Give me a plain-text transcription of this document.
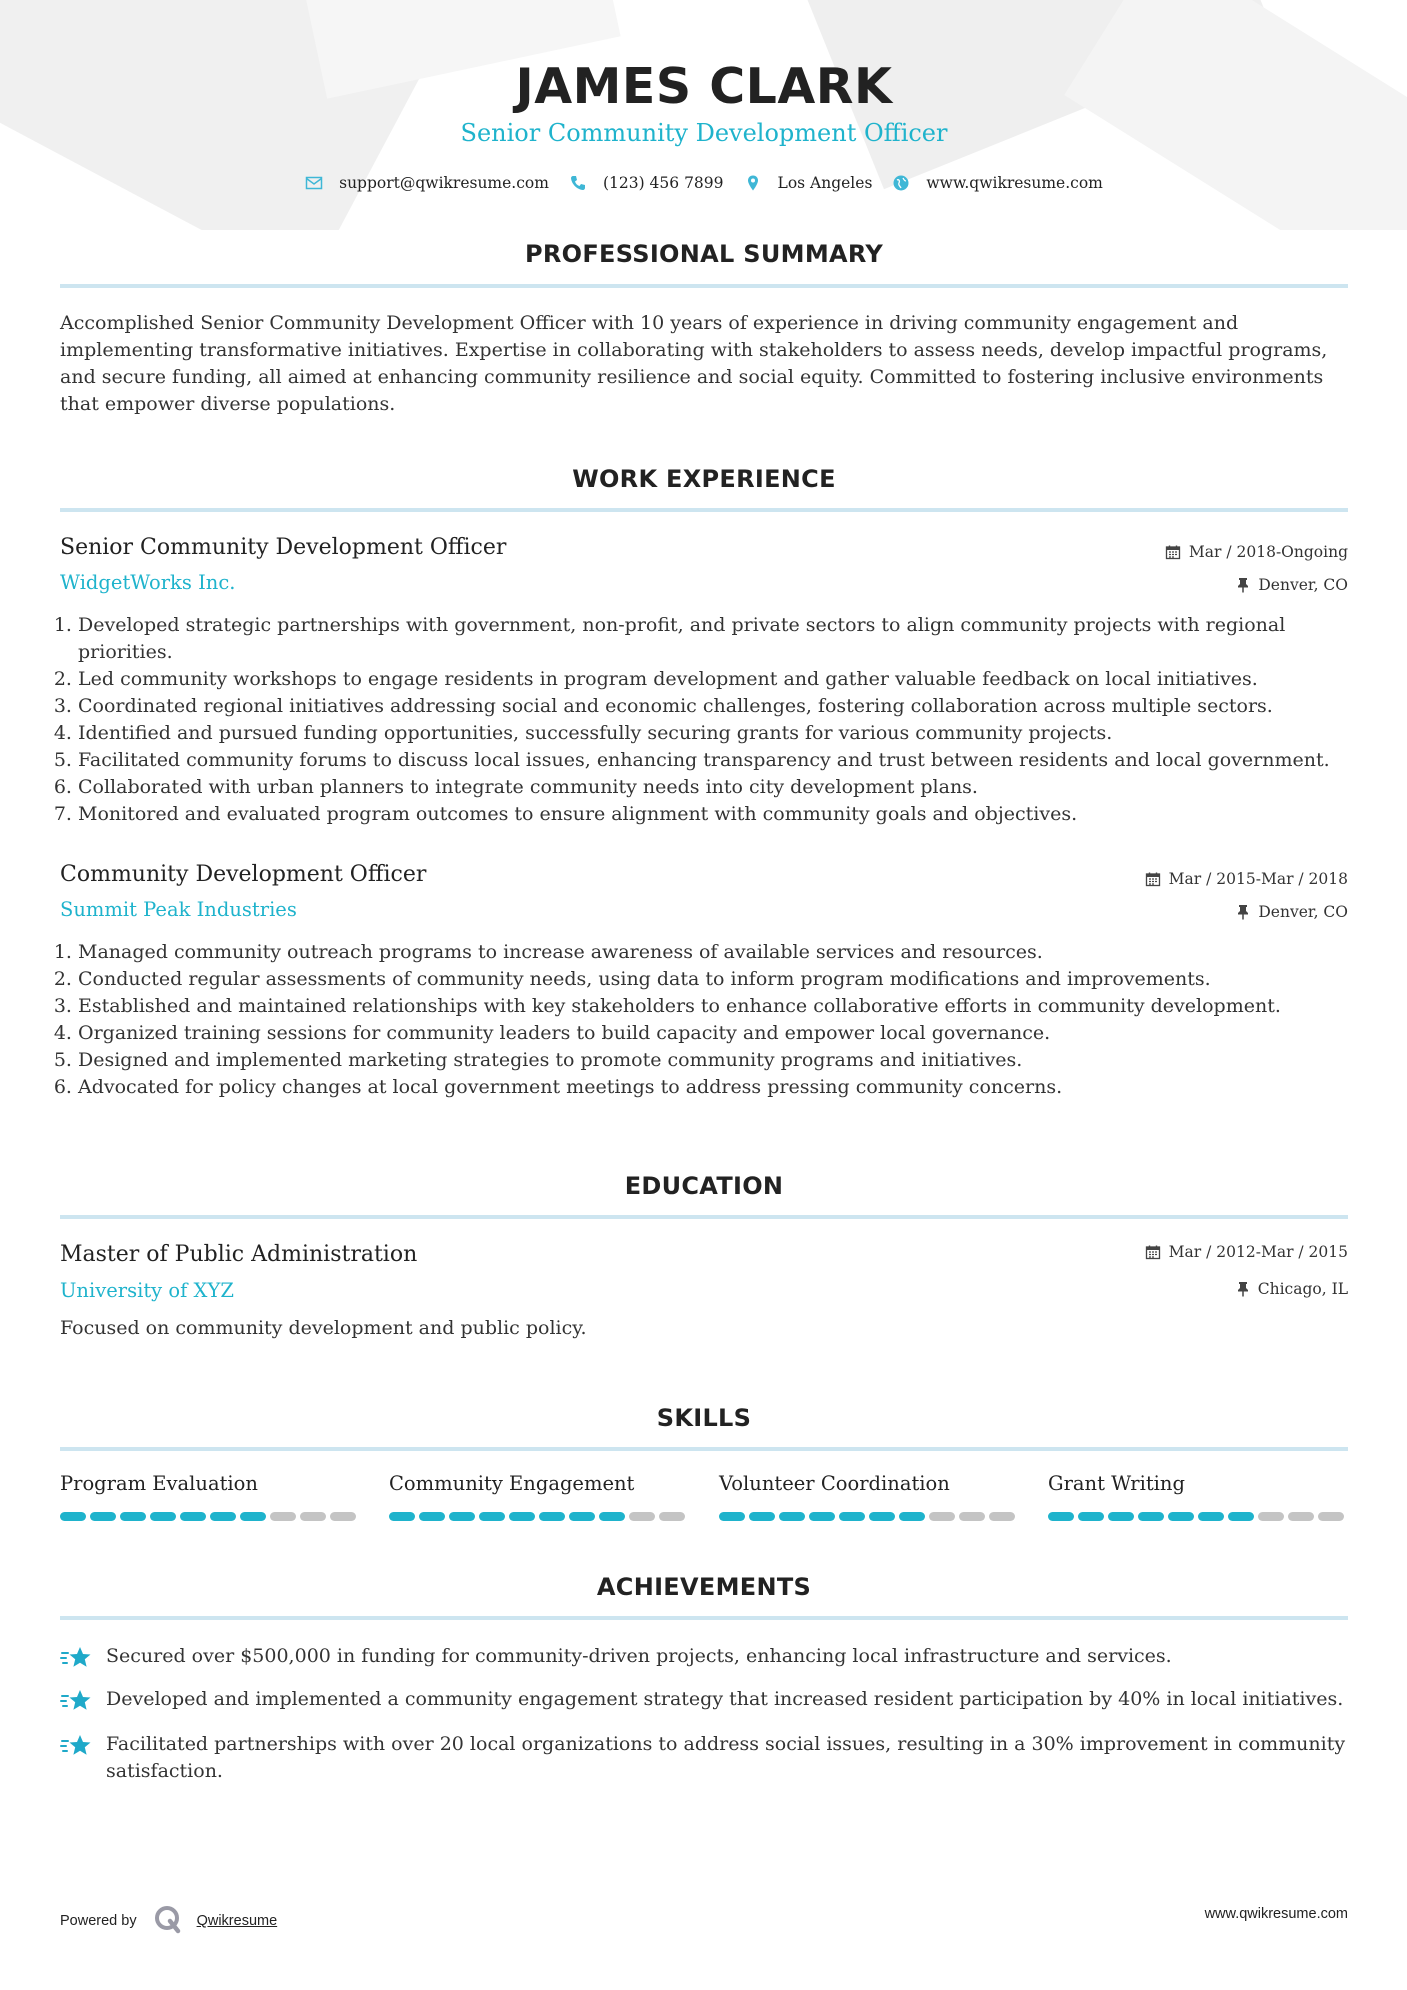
JAMES CLARK
Senior Community Development Officer
support@qwikresume.com	(123) 456 7899	Los Angeles	www.qwikresume.com
PROFESSIONAL SUMMARY
Accomplished Senior Community Development Officer with 10 years of experience in driving community engagement and implementing transformative initiatives. Expertise in collaborating with stakeholders to assess needs, develop impactful programs, and secure funding, all aimed at enhancing community resilience and social equity. Committed to fostering inclusive environments that empower diverse populations.
WORK EXPERIENCE
Senior Community Development Officer	Mar / 2018-Ongoing
WidgetWorks Inc.	Denver, CO
1. Developed strategic partnerships with government, non-profit, and private sectors to align community projects with regional priorities.
2. Led community workshops to engage residents in program development and gather valuable feedback on local initiatives.
3. Coordinated regional initiatives addressing social and economic challenges, fostering collaboration across multiple sectors.
4. Identified and pursued funding opportunities, successfully securing grants for various community projects.
5. Facilitated community forums to discuss local issues, enhancing transparency and trust between residents and local government.
6. Collaborated with urban planners to integrate community needs into city development plans.
7. Monitored and evaluated program outcomes to ensure alignment with community goals and objectives.
Community Development Officer	Mar / 2015-Mar / 2018
Summit Peak Industries	Denver, CO
1. Managed community outreach programs to increase awareness of available services and resources.
2. Conducted regular assessments of community needs, using data to inform program modifications and improvements.
3. Established and maintained relationships with key stakeholders to enhance collaborative efforts in community development.
4. Organized training sessions for community leaders to build capacity and empower local governance.
5. Designed and implemented marketing strategies to promote community programs and initiatives.
6. Advocated for policy changes at local government meetings to address pressing community concerns.
EDUCATION
Master of Public Administration	Mar / 2012-Mar / 2015
University of XYZ	Chicago, IL
Focused on community development and public policy.
SKILLS
Program Evaluation	Community Engagement	Volunteer Coordination	Grant Writing
ACHIEVEMENTS
Secured over $500,000 in funding for community-driven projects, enhancing local infrastructure and services.
Developed and implemented a community engagement strategy that increased resident participation by 40% in local initiatives.
Facilitated partnerships with over 20 local organizations to address social issues, resulting in a 30% improvement in community satisfaction.
Powered by	Qwikresume	www.qwikresume.com
